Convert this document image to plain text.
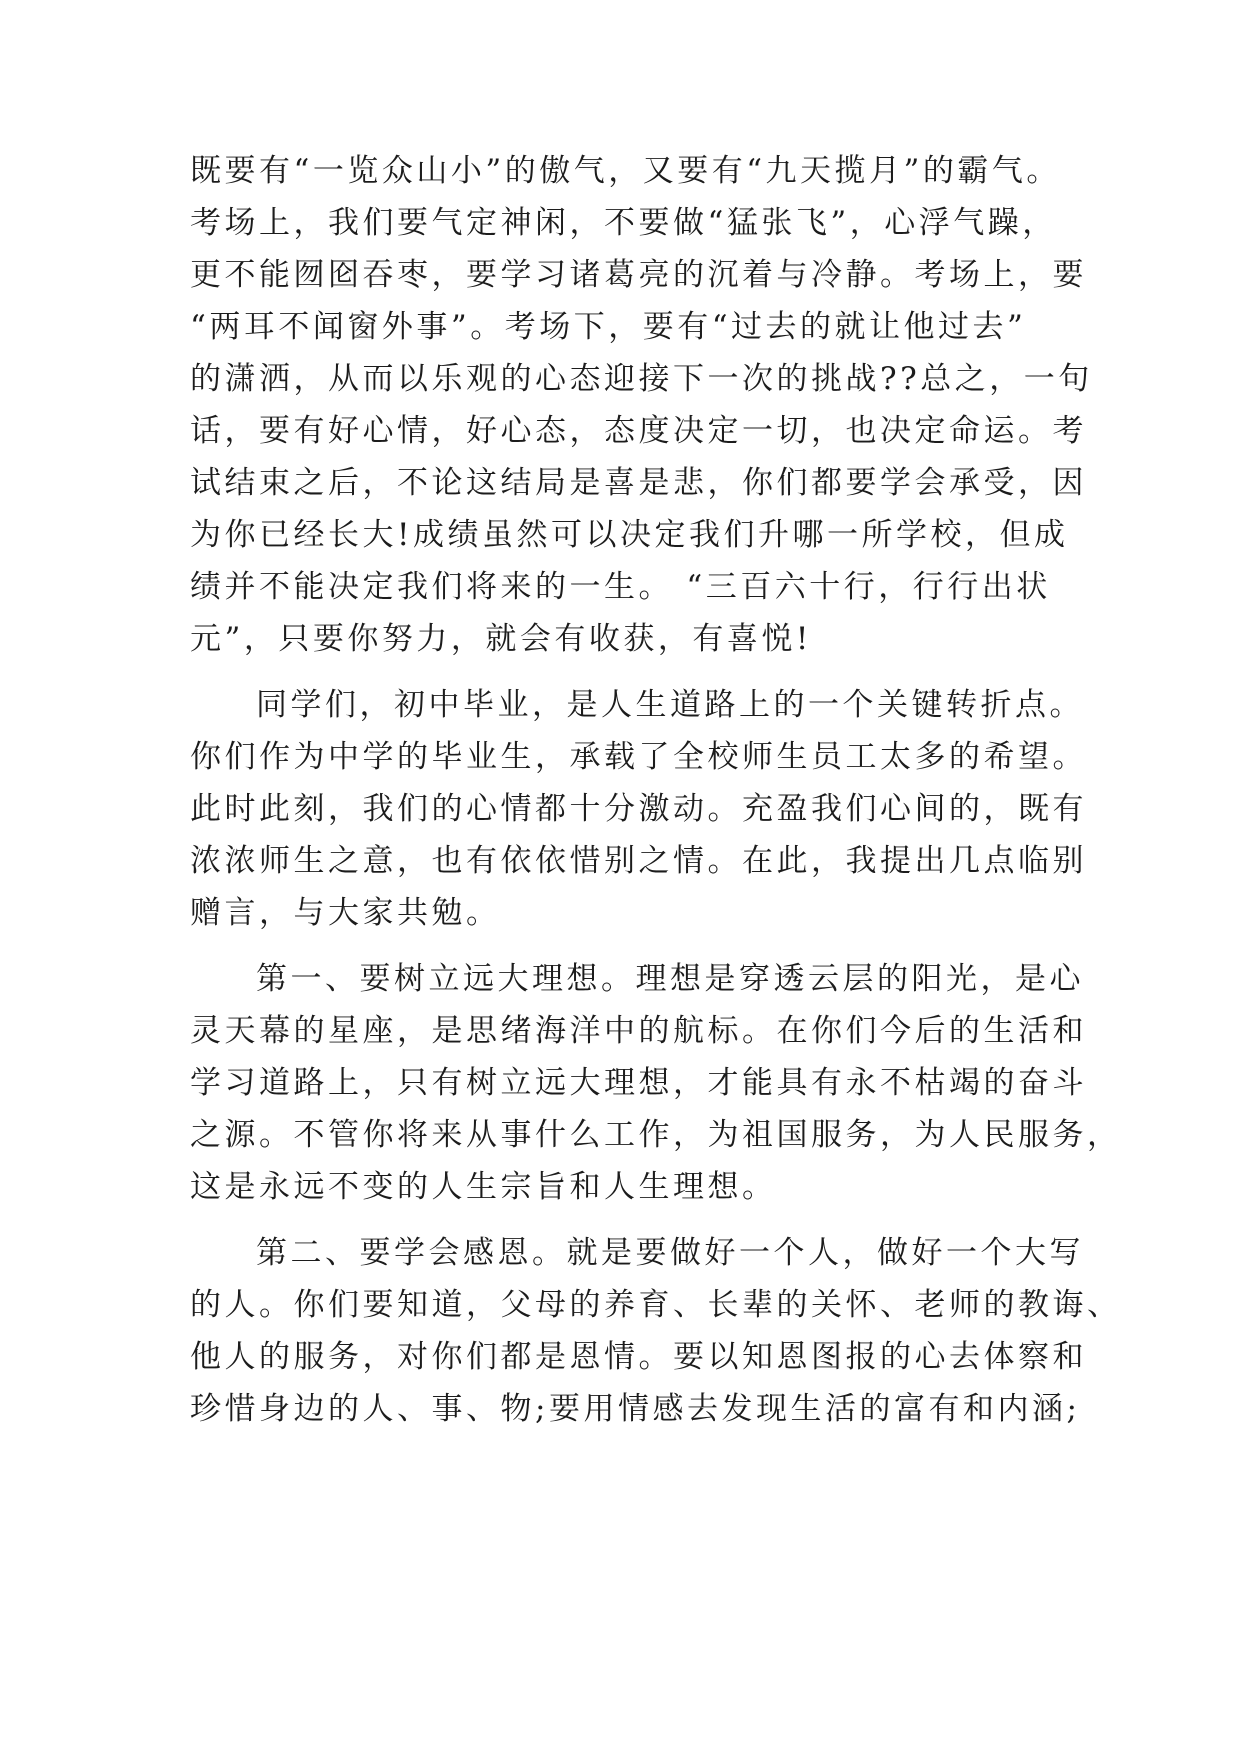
既要有“一览众山小”的傲气，又要有“九天揽月”的霸气。
考场上，我们要气定神闲，不要做“猛张飞”，心浮气躁，
更不能囫囵吞枣，要学习诸葛亮的沉着与冷静。考场上，要
“两耳不闻窗外事”。考场下，要有“过去的就让他过去”
的潇洒，从而以乐观的心态迎接下一次的挑战??总之，一句
话，要有好心情，好心态，态度决定一切，也决定命运。考
试结束之后，不论这结局是喜是悲，你们都要学会承受，因
为你已经长大!成绩虽然可以决定我们升哪一所学校，但成
绩并不能决定我们将来的一生。 “三百六十行，行行出状
元”，只要你努力，就会有收获，有喜悦!
同学们，初中毕业，是人生道路上的一个关键转折点。
你们作为中学的毕业生，承载了全校师生员工太多的希望。
此时此刻，我们的心情都十分激动。充盈我们心间的，既有
浓浓师生之意，也有依依惜别之情。在此，我提出几点临别
赠言，与大家共勉。
第一、要树立远大理想。理想是穿透云层的阳光，是心
灵天幕的星座，是思绪海洋中的航标。在你们今后的生活和
学习道路上，只有树立远大理想，才能具有永不枯竭的奋斗
之源。不管你将来从事什么工作，为祖国服务，为人民服务，
这是永远不变的人生宗旨和人生理想。
第二、要学会感恩。就是要做好一个人，做好一个大写
的人。你们要知道，父母的养育、长辈的关怀、老师的教诲、
他人的服务，对你们都是恩情。要以知恩图报的心去体察和
珍惜身边的人、事、物;要用情感去发现生活的富有和内涵;
